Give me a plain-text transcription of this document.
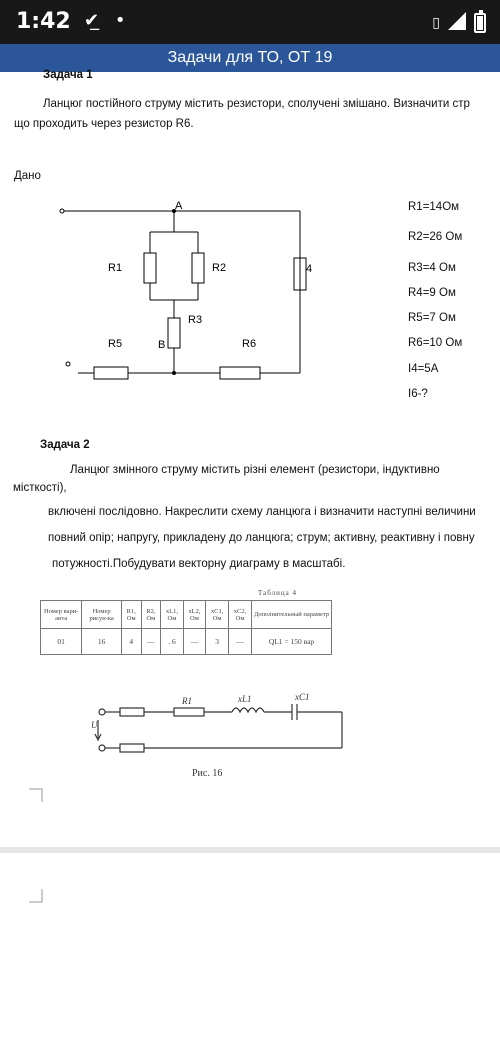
1:42 ✔̲ •	▯
4
Задачи для ТО, ОТ 19
Задача 1
Ланцюг постійного струму містить резистори, сполучені змішано. Визначити стр
що проходить через резистор R6.
Дано
A
B
R1	R2
R3
4
R5	R6
R1=14Ом
R2=26 Ом
R3=4 Ом
R4=9 Ом
R5=7 Ом
R6=10 Ом
I4=5A
I6-?
Задача 2
Ланцюг змінного струму містить різні елемент (резистори, індуктивно
місткості),
включені послідовно. Накреслити схему ланцюга і визначити наступні величини
повний опір; напругу, прикладену до ланцюга; струм; активну, реактивну і повну
потужності.Побудувати векторну диаграму в масштабі.
Таблица 4
Номер вари-анта	Номер рисун-ка	R1, Ом	R2, Ом	xL1, Ом	xL2, Ом	xC1, Ом	xC2, Ом	Дополнительный параметр
01	16	4	—	. 6	—	3	—	QL1 = 150 вар
R1	xL1	xC1
U
Рис. 16
